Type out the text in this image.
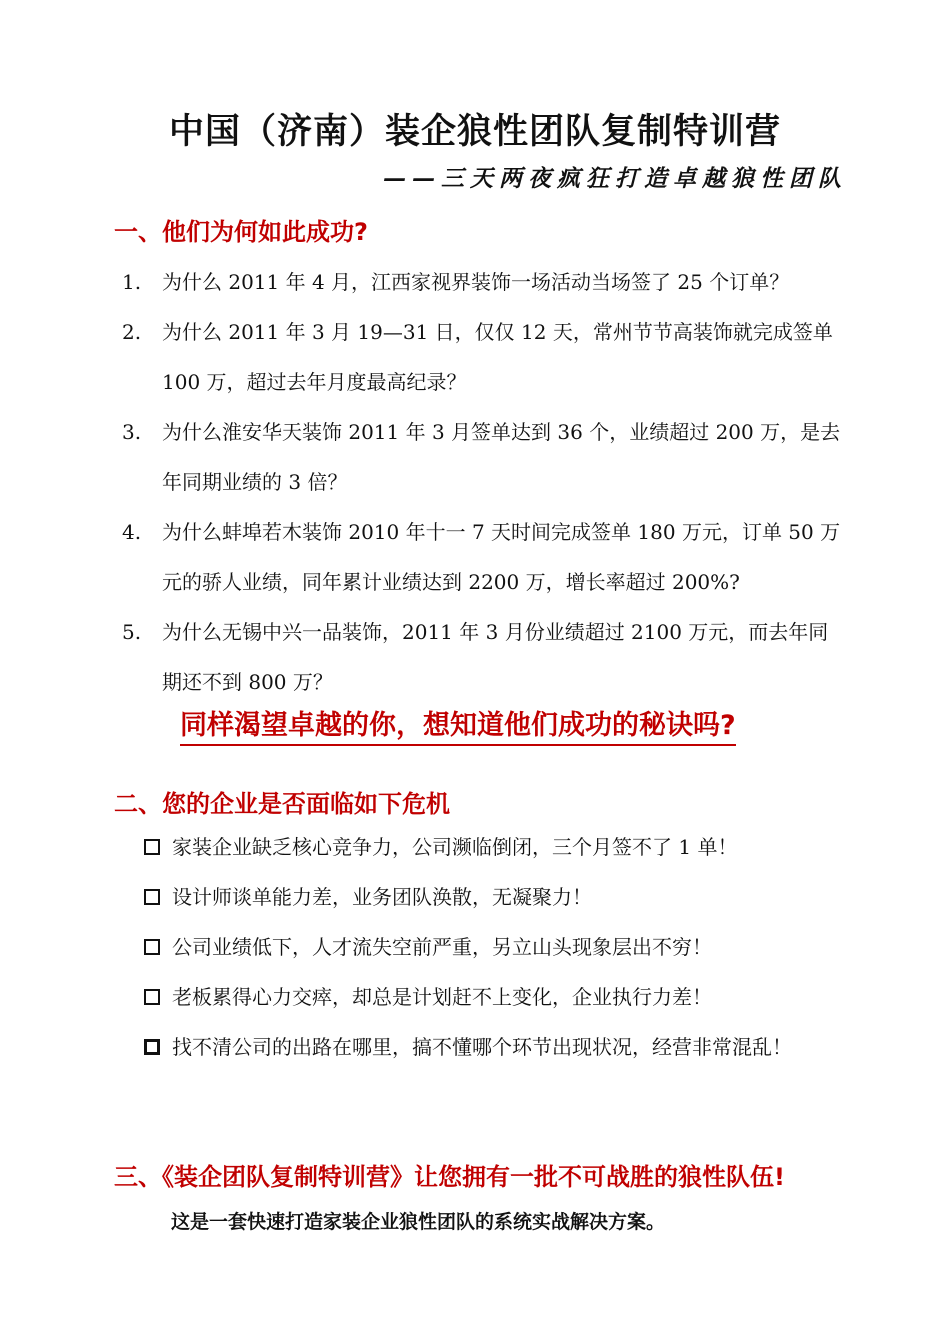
中国（济南）装企狼性团队复制特训营
——三天两夜疯狂打造卓越狼性团队
一、他们为何如此成功?
1.	为什么 2011 年 4 月，江西家视界装饰一场活动当场签了 25 个订单？
2.	为什么 2011 年 3 月 19—31 日，仅仅 12 天，常州节节高装饰就完成签单 100 万，超过去年月度最高纪录？
3.	为什么淮安华天装饰 2011 年 3 月签单达到 36 个，业绩超过 200 万，是去年同期业绩的 3 倍？
4.	为什么蚌埠若木装饰 2010 年十一 7 天时间完成签单 180 万元，订单 50 万元的骄人业绩，同年累计业绩达到 2200 万，增长率超过 200%?
5.	为什么无锡中兴一品装饰，2011 年 3 月份业绩超过 2100 万元，而去年同期还不到 800 万？
同样渴望卓越的你，想知道他们成功的秘诀吗?
二、您的企业是否面临如下危机
家装企业缺乏核心竞争力，公司濒临倒闭，三个月签不了 1 单！
设计师谈单能力差，业务团队涣散，无凝聚力！
公司业绩低下，人才流失空前严重，另立山头现象层出不穷！
老板累得心力交瘁，却总是计划赶不上变化，企业执行力差！
找不清公司的出路在哪里，搞不懂哪个环节出现状况，经营非常混乱！
三、《装企团队复制特训营》让您拥有一批不可战胜的狼性队伍!
这是一套快速打造家装企业狼性团队的系统实战解决方案。
